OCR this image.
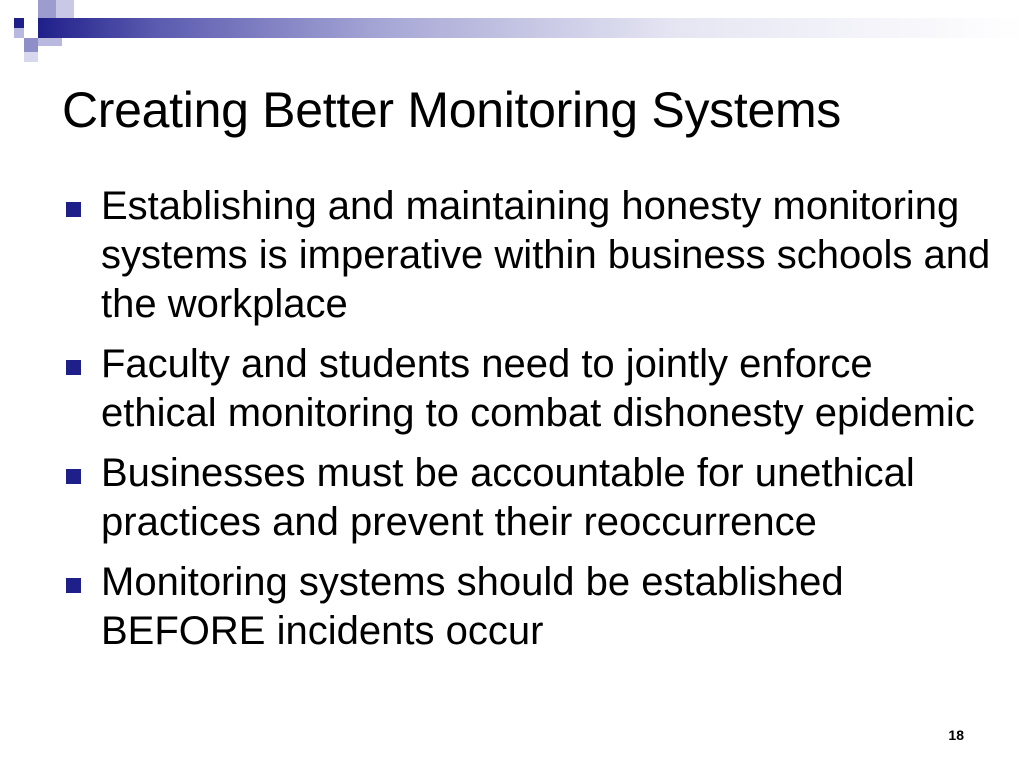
Creating Better Monitoring Systems
Establishing and maintaining honesty monitoring systems is imperative within business schools and the workplace
Faculty and students need to jointly enforce ethical monitoring to combat dishonesty epidemic
Businesses must be accountable for unethical practices and prevent their reoccurrence
Monitoring systems should be established BEFORE incidents occur
18
